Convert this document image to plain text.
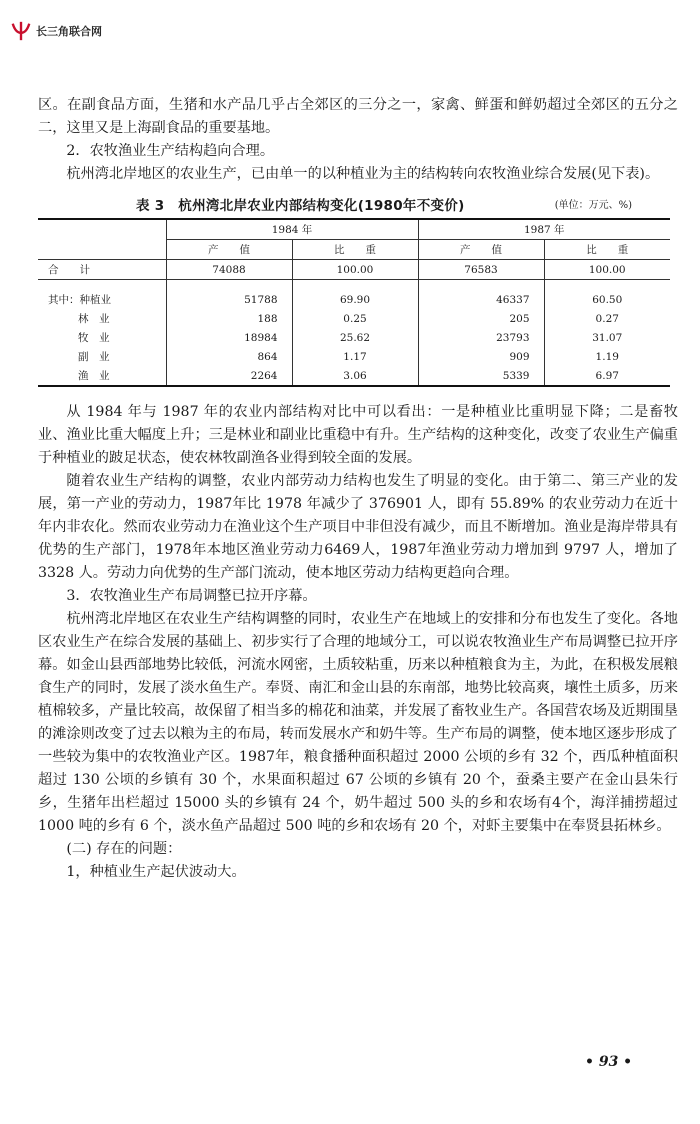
长三角联合网

区。在副食品方面，生猪和水产品几乎占全郊区的三分之一，家禽、鲜蛋和鲜奶超过全郊区的五分之二，这里又是上海副食品的重要基地。

2．农牧渔业生产结构趋向合理。

杭州湾北岸地区的农业生产，已由单一的以种植业为主的结构转向农牧渔业综合发展(见下表)。

表 3　杭州湾北岸农业内部结构变化(1980年不变价)	(单位：万元、%)
	1984 年		1987 年	
	产　　值	比　　重	产　　值	比　　重
合　　计	74088	100.00	76583	100.00

其中：种植业	51788	69.90	46337	60.50
林　业	188	0.25	205	0.27
牧　业	18984	25.62	23793	31.07
副　业	864	1.17	909	1.19
渔　业	2264	3.06	5339	6.97

从 1984 年与 1987 年的农业内部结构对比中可以看出：一是种植业比重明显下降；二是畜牧业、渔业比重大幅度上升；三是林业和副业比重稳中有升。生产结构的这种变化，改变了农业生产偏重于种植业的跛足状态，使农林牧副渔各业得到较全面的发展。

随着农业生产结构的调整，农业内部劳动力结构也发生了明显的变化。由于第二、第三产业的发展，第一产业的劳动力，1987年比 1978 年减少了 376901 人，即有 55.89% 的农业劳动力在近十年内非农化。然而农业劳动力在渔业这个生产项目中非但没有减少，而且不断增加。渔业是海岸带具有优势的生产部门，1978年本地区渔业劳动力6469人，1987年渔业劳动力增加到 9797 人，增加了 3328 人。劳动力向优势的生产部门流动，使本地区劳动力结构更趋向合理。

3．农牧渔业生产布局调整已拉开序幕。

杭州湾北岸地区在农业生产结构调整的同时，农业生产在地域上的安排和分布也发生了变化。各地区农业生产在综合发展的基础上、初步实行了合理的地域分工，可以说农牧渔业生产布局调整已拉开序幕。如金山县西部地势比较低，河流水网密，土质较粘重，历来以种植粮食为主，为此，在积极发展粮食生产的同时，发展了淡水鱼生产。奉贤、南汇和金山县的东南部，地势比较高爽，壤性土质多，历来植棉较多，产量比较高，故保留了相当多的棉花和油菜，并发展了畜牧业生产。各国营农场及近期围垦的滩涂则改变了过去以粮为主的布局，转而发展水产和奶牛等。生产布局的调整，使本地区逐步形成了一些较为集中的农牧渔业产区。1987年，粮食播种面积超过 2000 公顷的乡有 32 个，西瓜种植面积超过 130 公顷的乡镇有 30 个，水果面积超过 67 公顷的乡镇有 20 个，蚕桑主要产在金山县朱行乡，生猪年出栏超过 15000 头的乡镇有 24 个，奶牛超过 500 头的乡和农场有4个，海洋捕捞超过 1000 吨的乡有 6 个，淡水鱼产品超过 500 吨的乡和农场有 20 个，对虾主要集中在奉贤县拓林乡。

(二) 存在的问题：

1，种植业生产起伏波动大。

• 93 •
